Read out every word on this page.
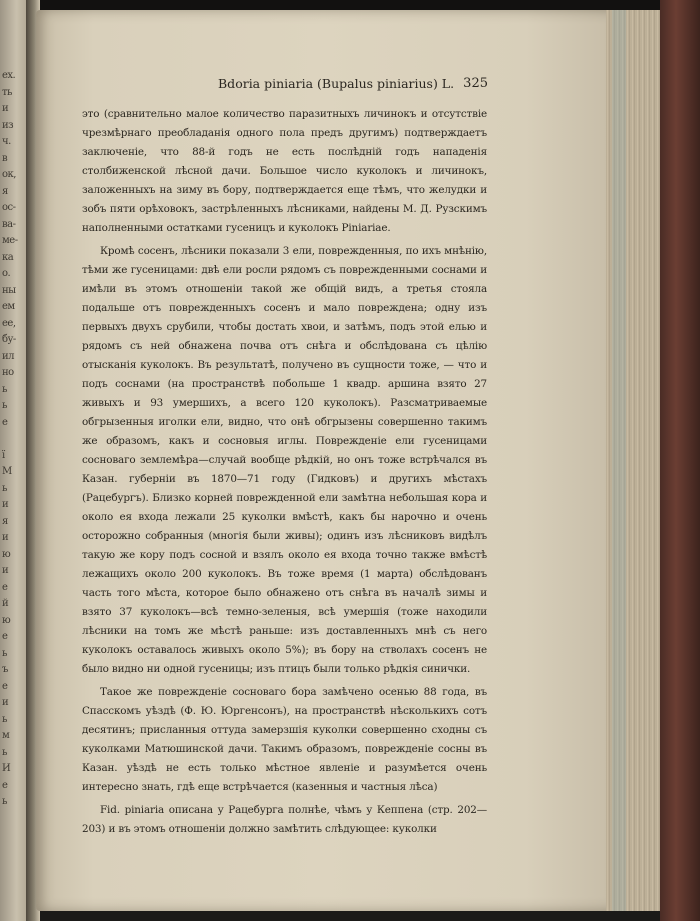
ex.
ть
и
из
ч.
в
ок,
я
ос-
ва-
ме-
ка
о.
ны
ем
ее,
бу-
ил
но
ь
ь
е
ї
М
ь
и
я
и
ю
и
е
й
ю
е
ь
ъ
е
и
ь
м
ь
И
е
ь
Bdoria piniaria (Bupalus piniarius) L. 325

это (сравнительно малое количество паразитныхъ личинокъ и отсутствіе чрезмѣрнаго преобладанія одного пола предъ другимъ) подтверждаетъ заключеніе, что 88-й годъ не есть послѣдній годъ нападенія столбиженской лѣсной дачи. Большое число куколокъ и личинокъ, заложенныхъ на зиму въ бору, подтверждается еще тѣмъ, что желудки и зобъ пяти орѣховокъ, застрѣленныхъ лѣсниками, найдены М. Д. Рузскимъ наполненными остатками гусеницъ и куколокъ Piniariae.

Кромѣ сосенъ, лѣсники показали 3 ели, поврежденныя, по ихъ мнѣнію, тѣми же гусеницами: двѣ ели росли рядомъ съ поврежденными соснами и имѣли въ этомъ отношеніи такой же общій видъ, а третья стояла подальше отъ поврежденныхъ сосенъ и мало повреждена; одну изъ первыхъ двухъ срубили, чтобы достать хвои, и затѣмъ, подъ этой елью и рядомъ съ ней обнажена почва отъ снѣга и обслѣдована съ цѣлію отысканія куколокъ. Въ результатѣ, получено въ сущности тоже, — что и подъ соснами (на пространствѣ побольше 1 квадр. аршина взято 27 живыхъ и 93 умершихъ, а всего 120 куколокъ). Разсматриваемые обгрызенныя иголки ели, видно, что онѣ обгрызены совершенно такимъ же образомъ, какъ и сосновыя иглы. Поврежденіе ели гусеницами сосноваго землемѣра—случай вообще рѣдкій, но онъ тоже встрѣчался въ Казан. губерніи въ 1870—71 году (Гидковъ) и другихъ мѣстахъ (Рацебургъ). Близко корней поврежденной ели замѣтна небольшая кора и около ея входа лежали 25 куколки вмѣстѣ, какъ бы нарочно и очень осторожно собранныя (многія были живы); одинъ изъ лѣсниковъ видѣлъ такую же кору подъ сосной и взялъ около ея входа точно также вмѣстѣ лежащихъ около 200 куколокъ. Въ тоже время (1 марта) обслѣдованъ часть того мѣста, которое было обнажено отъ снѣга въ началѣ зимы и взято 37 куколокъ—всѣ темно-зеленыя, всѣ умершія (тоже находили лѣсники на томъ же мѣстѣ раньше: изъ доставленныхъ мнѣ съ него куколокъ оставалось живыхъ около 5%); въ бору на стволахъ сосенъ не было видно ни одной гусеницы; изъ птицъ были только рѣдкія синички.

Такое же поврежденіе сосноваго бора замѣчено осенью 88 года, въ Спасскомъ уѣздѣ (Ф. Ю. Юргенсонъ), на пространствѣ нѣсколькихъ сотъ десятинъ; присланныя оттуда замерзшія куколки совершенно сходны съ куколками Матюшинской дачи. Такимъ образомъ, поврежденіе сосны въ Казан. уѣздѣ не есть только мѣстное явленіе и разумѣется очень интересно знать, гдѣ еще встрѣчается (казенныя и частныя лѣса)

Fid. piniaria описана у Рацебурга полнѣе, чѣмъ у Кеппена (стр. 202—203) и въ этомъ отношеніи должно замѣтить слѣдующее: куколки
